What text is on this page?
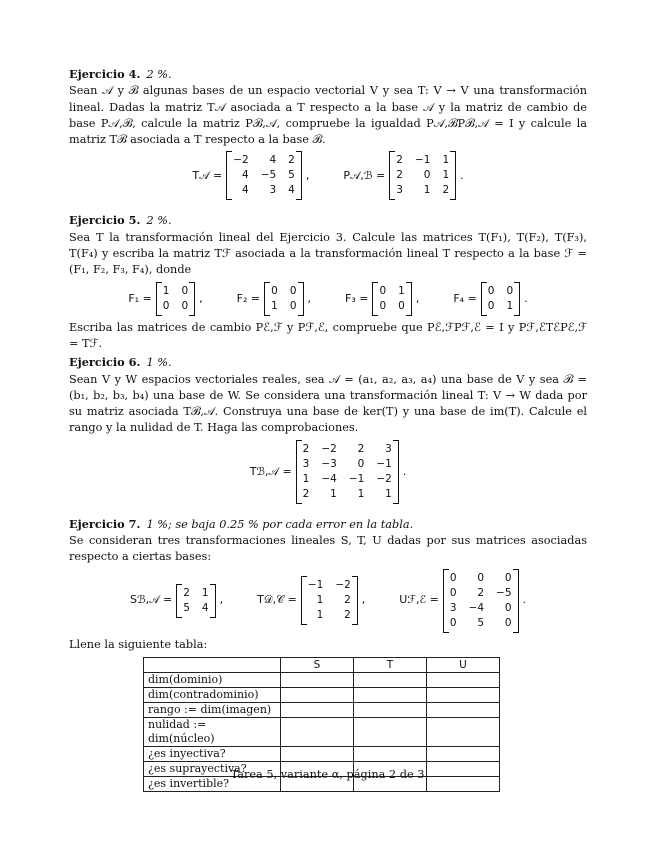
Ejercicio 4. 2 %.
Sean 𝒜 y ℬ algunas bases de un espacio vectorial V y sea T: V → V una transformación lineal. Dadas la matriz T𝒜 asociada a T respecto a la base 𝒜 y la matriz de cambio de base P𝒜,ℬ, calcule la matriz Pℬ,𝒜, compruebe la igualdad P𝒜,ℬPℬ,𝒜 = I y calcule la matriz Tℬ asociada a T respecto a la base ℬ.
T𝒜 =
−2	4 2
4 −5 5
4	3 4
,	P𝒜,ℬ =
2 −1 1
2	0 1
3	1 2
.
Ejercicio 5. 2 %.
Sea T la transformación lineal del Ejercicio 3. Calcule las matrices T(F₁), T(F₂), T(F₃), T(F₄) y escriba la matriz Tℱ asociada a la transformación lineal T respecto a la base ℱ = (F₁, F₂, F₃, F₄), donde
F₁ =
1 0
0 0
,	F₂ =
0 0
1 0
,	F₃ =
0 1
0 0
,	F₄ =
0 0
0 1
.
Escriba las matrices de cambio Pℰ,ℱ y Pℱ,ℰ, compruebe que Pℰ,ℱPℱ,ℰ = I y Pℱ,ℰTℰPℰ,ℱ = Tℱ.
Ejercicio 6. 1 %.
Sean V y W espacios vectoriales reales, sea 𝒜 = (a₁, a₂, a₃, a₄) una base de V y sea ℬ = (b₁, b₂, b₃, b₄) una base de W. Se considera una transformación lineal T: V → W dada por su matriz asociada Tℬ,𝒜. Construya una base de ker(T) y una base de im(T). Calcule el rango y la nulidad de T. Haga las comprobaciones.
Tℬ,𝒜 =
2 −2	2	3
3 −3	0 −1
1 −4 −1 −2
2	1	1	1
.
Ejercicio 7. 1 %; se baja 0.25 % por cada error en la tabla.
Se consideran tres transformaciones lineales S, T, U dadas por sus matrices asociadas respecto a ciertas bases:
Sℬ,𝒜 =
2 1
5 4
,	T𝒟,𝒞 =
−1 −2
1	2
1	2
,	Uℱ,ℰ =
0	0	0
0	2 −5
3 −4	0
0	5	0
.
Llene la siguiente tabla:
	S	T	U
dim(dominio)			
dim(contradominio)			
rango := dim(imagen)			
nulidad := dim(núcleo)			
¿es inyectiva?			
¿es suprayectiva?			
¿es invertible?			
Tarea 5, variante α, página 2 de 3
